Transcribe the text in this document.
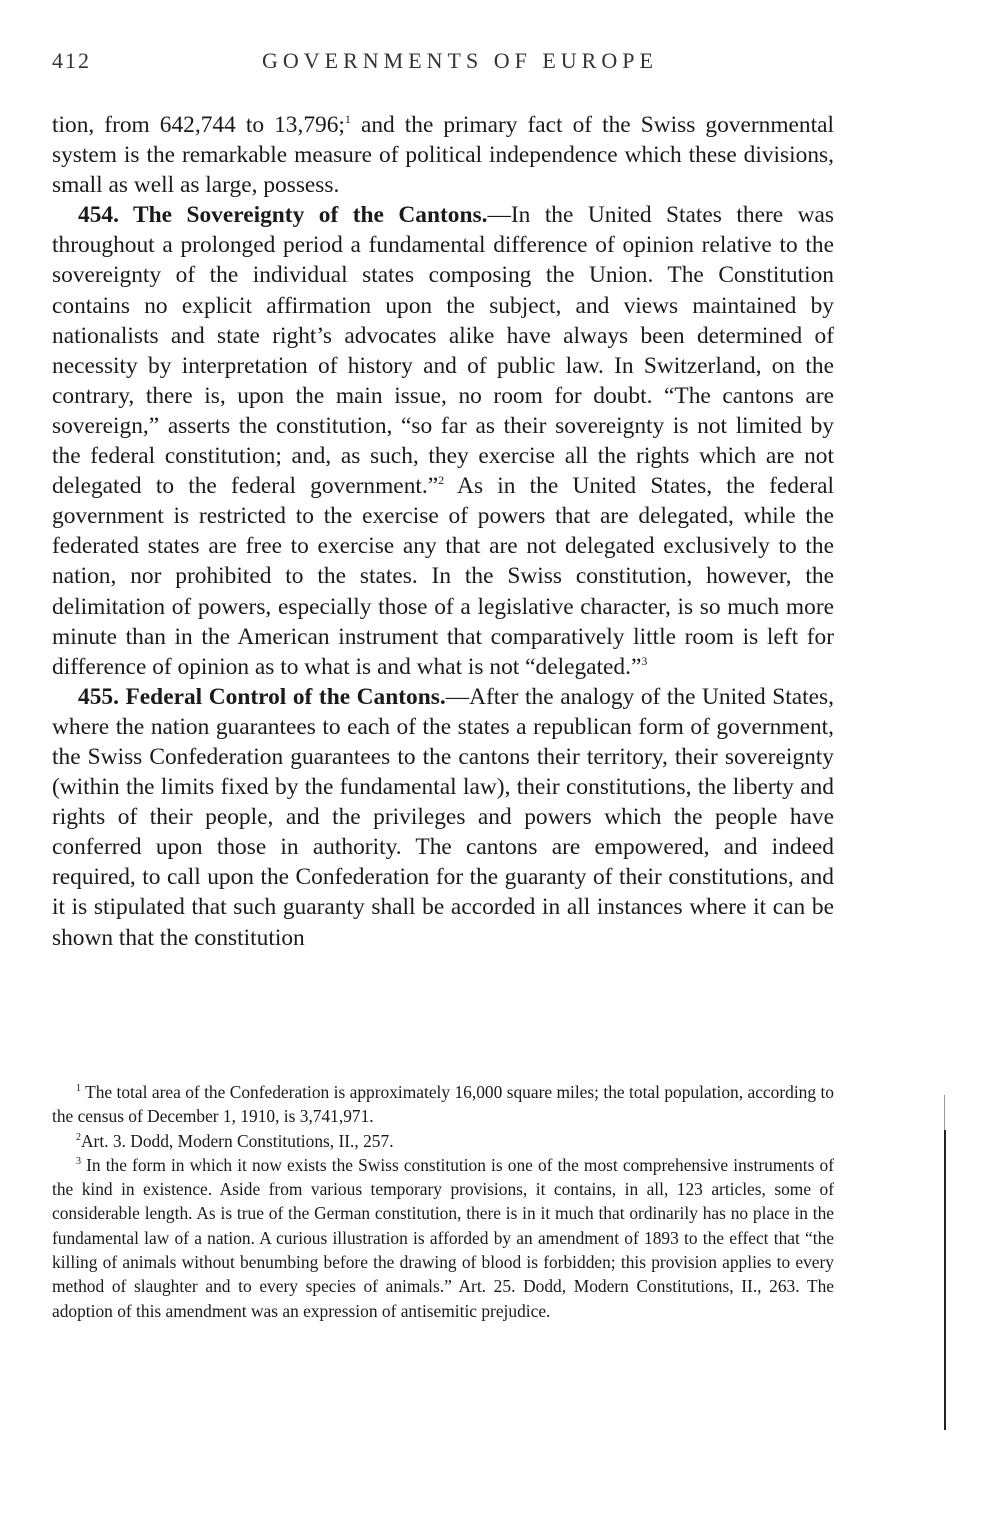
412	GOVERNMENTS OF EUROPE

tion, from 642,744 to 13,796;$^1$ and the primary fact of the Swiss governmental system is the remarkable measure of political independence which these divisions, small as well as large, possess.

454. The Sovereignty of the Cantons.—In the United States there was throughout a prolonged period a fundamental difference of opinion relative to the sovereignty of the individual states composing the Union. The Constitution contains no explicit affirmation upon the subject, and views maintained by nationalists and state right’s advocates alike have always been determined of necessity by interpretation of history and of public law. In Switzerland, on the contrary, there is, upon the main issue, no room for doubt. “The cantons are sovereign,” asserts the constitution, “so far as their sovereignty is not limited by the federal constitution; and, as such, they exercise all the rights which are not delegated to the federal government.”$^2$ As in the United States, the federal government is restricted to the exercise of powers that are delegated, while the federated states are free to exercise any that are not delegated exclusively to the nation, nor prohibited to the states. In the Swiss constitution, however, the delimitation of powers, especially those of a legislative character, is so much more minute than in the American instrument that comparatively little room is left for difference of opinion as to what is and what is not “delegated.”$^3$

455. Federal Control of the Cantons.—After the analogy of the United States, where the nation guarantees to each of the states a republican form of government, the Swiss Confederation guarantees to the cantons their territory, their sovereignty (within the limits fixed by the fundamental law), their constitutions, the liberty and rights of their people, and the privileges and powers which the people have conferred upon those in authority. The cantons are empowered, and indeed required, to call upon the Confederation for the guaranty of their constitutions, and it is stipulated that such guaranty shall be accorded in all instances where it can be shown that the constitution

$^1$ The total area of the Confederation is approximately 16,000 square miles; the total population, according to the census of December 1, 1910, is 3,741,971.

$^2$Art. 3. Dodd, Modern Constitutions, II., 257.

$^3$ In the form in which it now exists the Swiss constitution is one of the most comprehensive instruments of the kind in existence. Aside from various temporary provisions, it contains, in all, 123 articles, some of considerable length. As is true of the German constitution, there is in it much that ordinarily has no place in the fundamental law of a nation. A curious illustration is afforded by an amendment of 1893 to the effect that “the killing of animals without benumbing before the drawing of blood is forbidden; this provision applies to every method of slaughter and to every species of animals.” Art. 25. Dodd, Modern Constitutions, II., 263. The adoption of this amendment was an expression of antisemitic prejudice.
